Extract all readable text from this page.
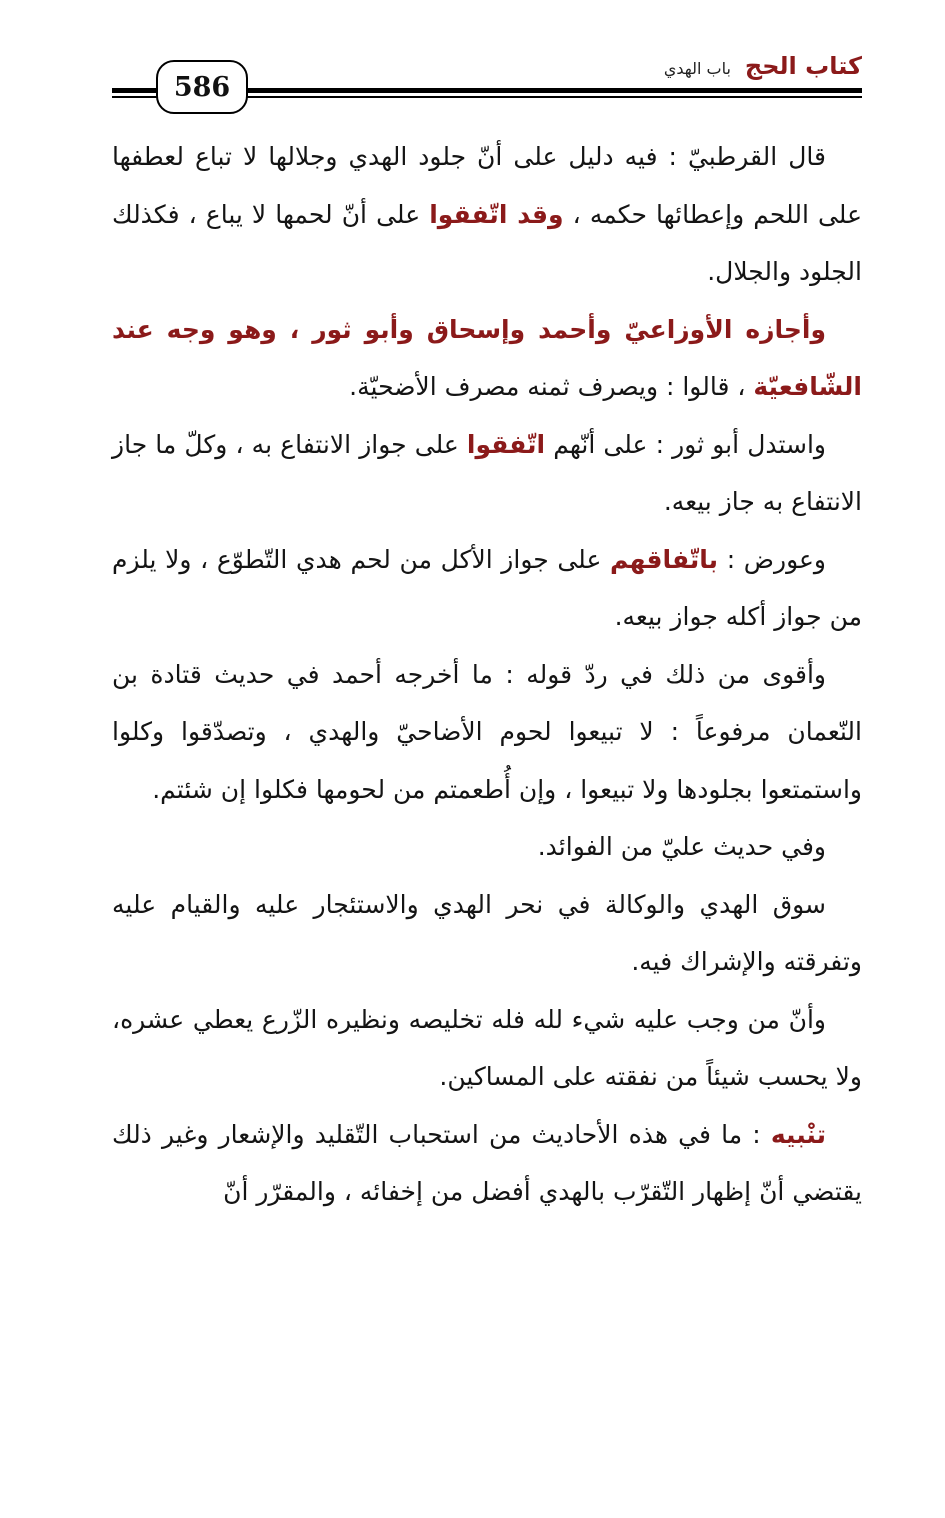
586
كتاب الحج
باب الهدي

قال القرطبيّ : فيه دليل على أنّ جلود الهدي وجلالها لا تباع لعطفها على اللحم وإعطائها حكمه ، وقد اتّفقوا على أنّ لحمها لا يباع ، فكذلك الجلود والجلال.

وأجازه الأوزاعيّ وأحمد وإسحاق وأبو ثور ، وهو وجه عند الشّافعيّة ، قالوا : ويصرف ثمنه مصرف الأضحيّة.

واستدل أبو ثور : على أنّهم اتّفقوا على جواز الانتفاع به ، وكلّ ما جاز الانتفاع به جاز بيعه.

وعورض : باتّفاقهم على جواز الأكل من لحم هدي التّطوّع ، ولا يلزم من جواز أكله جواز بيعه.

وأقوى من ذلك في ردّ قوله : ما أخرجه أحمد في حديث قتادة بن النّعمان مرفوعاً : لا تبيعوا لحوم الأضاحيّ والهدي ، وتصدّقوا وكلوا واستمتعوا بجلودها ولا تبيعوا ، وإن أُطعمتم من لحومها فكلوا إن شئتم.

وفي حديث عليّ من الفوائد.

سوق الهدي والوكالة في نحر الهدي والاستئجار عليه والقيام عليه وتفرقته والإشراك فيه.

وأنّ من وجب عليه شيء لله فله تخليصه ونظيره الزّرع يعطي عشره، ولا يحسب شيئاً من نفقته على المساكين.

تنْبيه : ما في هذه الأحاديث من استحباب التّقليد والإشعار وغير ذلك يقتضي أنّ إظهار التّقرّب بالهدي أفضل من إخفائه ، والمقرّر أنّ
